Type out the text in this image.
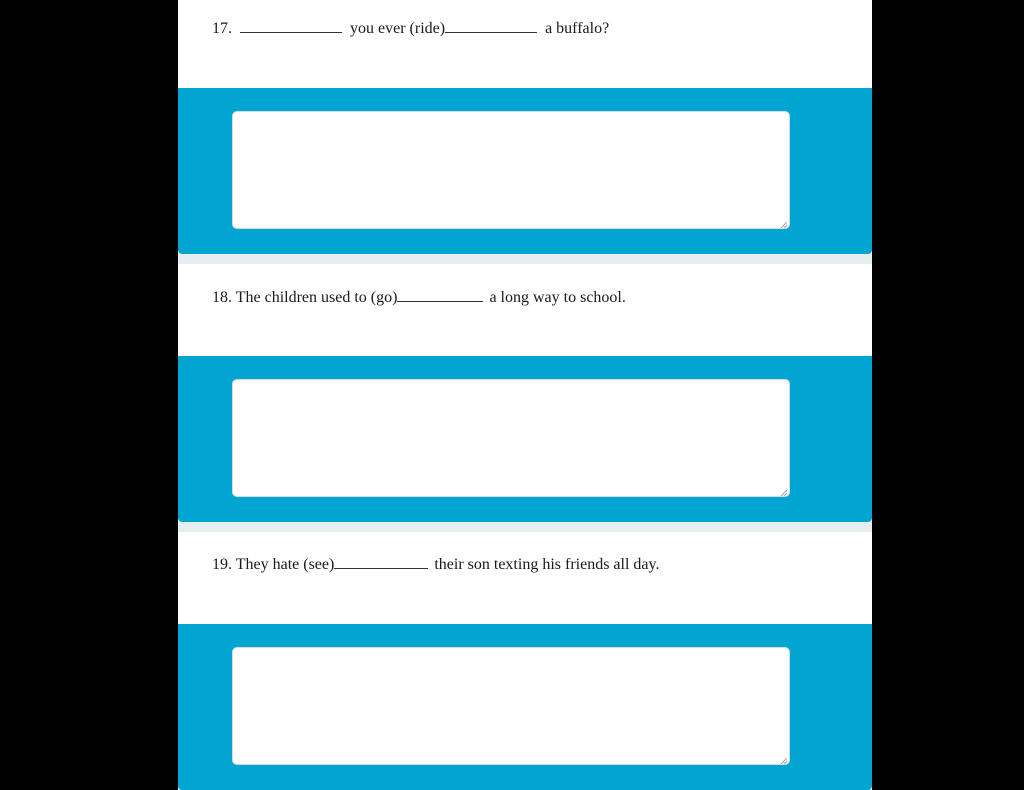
17.	you ever (ride)	a buffalo?
18. The children used to (go)	a long way to school.
19. They hate (see)	their son texting his friends all day.
